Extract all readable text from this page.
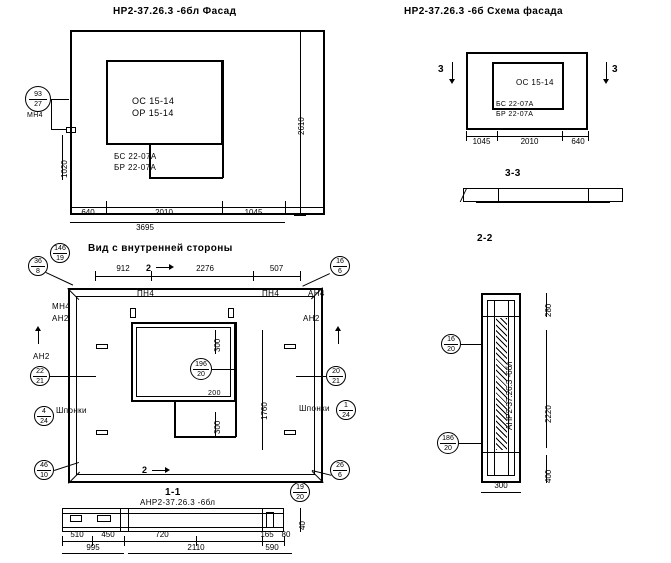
НР2-37.26.3 -6бл Фасад
ОС 15-14
ОР 15-14
БС 22-07А
БР 22-07А
93
27
МН4
2610
1020
640	2010	1045
3695
НР2-37.26.3 -6б Схема фасада
ОС 15-14
БС 22-07А
БР 22-07А
3	3
1045	2010	640
3-3
Вид с внутренней стороны
912	2276	507
2
ПН4	ПН4
36
8
146
19	16
6
22
21
196
20	20
21
4
24
Шпонки
1
24
Шпонки
46
10
26
6
19
20
МН4
АН2
АН2
АН2
АН4
1760
300
300
200
2
1-1
АНР2-37.26.3 -6бл
510	450	720	165 80
995	2110	590
40
2-2
АНР2-37.26.3 -6бл
280
2220
400
300
16
20
186
20
